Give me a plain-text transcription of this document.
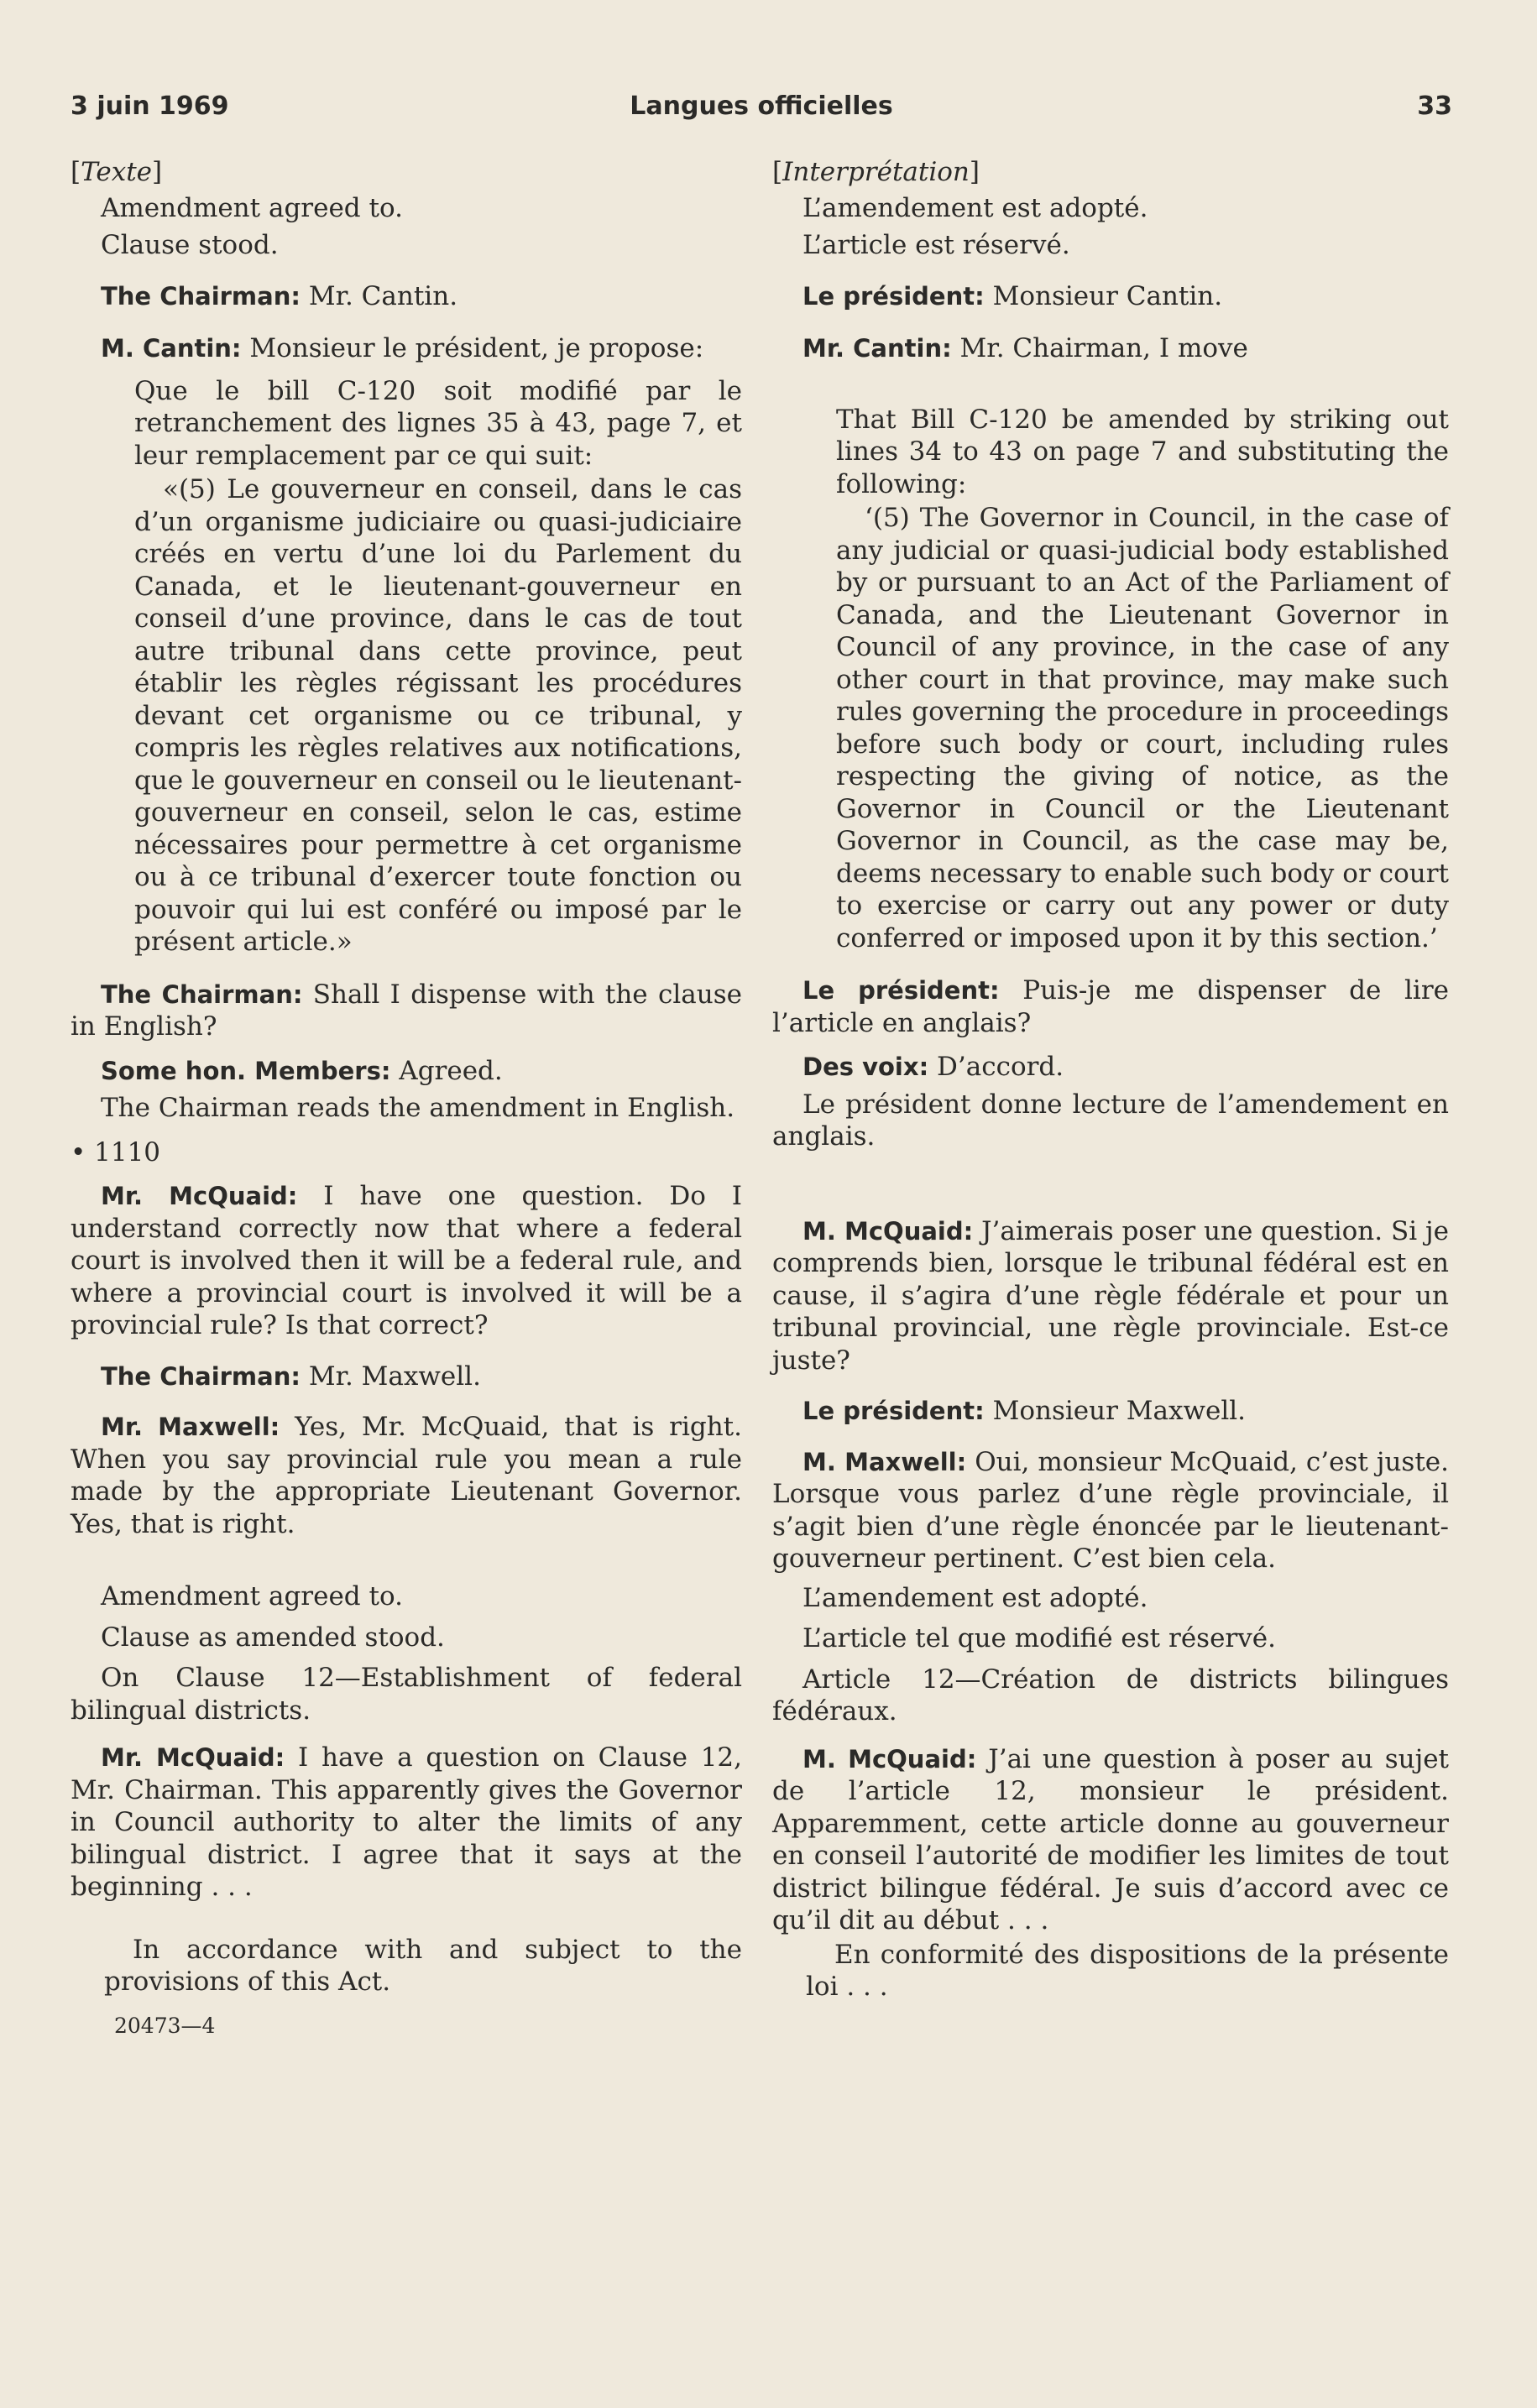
3 juin 1969	Langues officielles	33

[Texte]

Amendment agreed to.

Clause stood.

The Chairman: Mr. Cantin.

M. Cantin: Monsieur le président, je propose:

Que le bill C-120 soit modifié par le retranchement des lignes 35 à 43, page 7, et leur remplacement par ce qui suit:

«(5) Le gouverneur en conseil, dans le cas d’un organisme judiciaire ou quasi-judiciaire créés en vertu d’une loi du Parlement du Canada, et le lieutenant-gouverneur en conseil d’une province, dans le cas de tout autre tribunal dans cette province, peut établir les règles régissant les procédures devant cet organisme ou ce tribunal, y compris les règles relatives aux notifications, que le gouverneur en conseil ou le lieutenant-gouverneur en conseil, selon le cas, estime nécessaires pour permettre à cet organisme ou à ce tribunal d’exercer toute fonction ou pouvoir qui lui est conféré ou imposé par le présent article.»

The Chairman: Shall I dispense with the clause in English?

Some hon. Members: Agreed.

The Chairman reads the amendment in English.

• 1110

Mr. McQuaid: I have one question. Do I understand correctly now that where a federal court is involved then it will be a federal rule, and where a provincial court is involved it will be a provincial rule? Is that correct?

The Chairman: Mr. Maxwell.

Mr. Maxwell: Yes, Mr. McQuaid, that is right. When you say provincial rule you mean a rule made by the appropriate Lieutenant Governor. Yes, that is right.

Amendment agreed to.

Clause as amended stood.

On Clause 12—Establishment of federal bilingual districts.

Mr. McQuaid: I have a question on Clause 12, Mr. Chairman. This apparently gives the Governor in Council authority to alter the limits of any bilingual district. I agree that it says at the beginning . . .

In accordance with and subject to the provisions of this Act.

20473—4

[Interprétation]

L’amendement est adopté.

L’article est réservé.

Le président: Monsieur Cantin.

Mr. Cantin: Mr. Chairman, I move

That Bill C-120 be amended by striking out lines 34 to 43 on page 7 and substituting the following:

‘(5) The Governor in Council, in the case of any judicial or quasi-judicial body established by or pursuant to an Act of the Parliament of Canada, and the Lieutenant Governor in Council of any province, in the case of any other court in that province, may make such rules governing the procedure in proceedings before such body or court, including rules respecting the giving of notice, as the Governor in Council or the Lieutenant Governor in Council, as the case may be, deems necessary to enable such body or court to exercise or carry out any power or duty conferred or imposed upon it by this section.’

Le président: Puis-je me dispenser de lire l’article en anglais?

Des voix: D’accord.

Le président donne lecture de l’amendement en anglais.

M. McQuaid: J’aimerais poser une question. Si je comprends bien, lorsque le tribunal fédéral est en cause, il s’agira d’une règle fédérale et pour un tribunal provincial, une règle provinciale. Est-ce juste?

Le président: Monsieur Maxwell.

M. Maxwell: Oui, monsieur McQuaid, c’est juste. Lorsque vous parlez d’une règle provinciale, il s’agit bien d’une règle énoncée par le lieutenant-gouverneur pertinent. C’est bien cela.

L’amendement est adopté.

L’article tel que modifié est réservé.

Article 12—Création de districts bilingues fédéraux.

M. McQuaid: J’ai une question à poser au sujet de l’article 12, monsieur le président. Apparemment, cette article donne au gouverneur en conseil l’autorité de modifier les limites de tout district bilingue fédéral. Je suis d’accord avec ce qu’il dit au début . . .

En conformité des dispositions de la présente loi . . .
